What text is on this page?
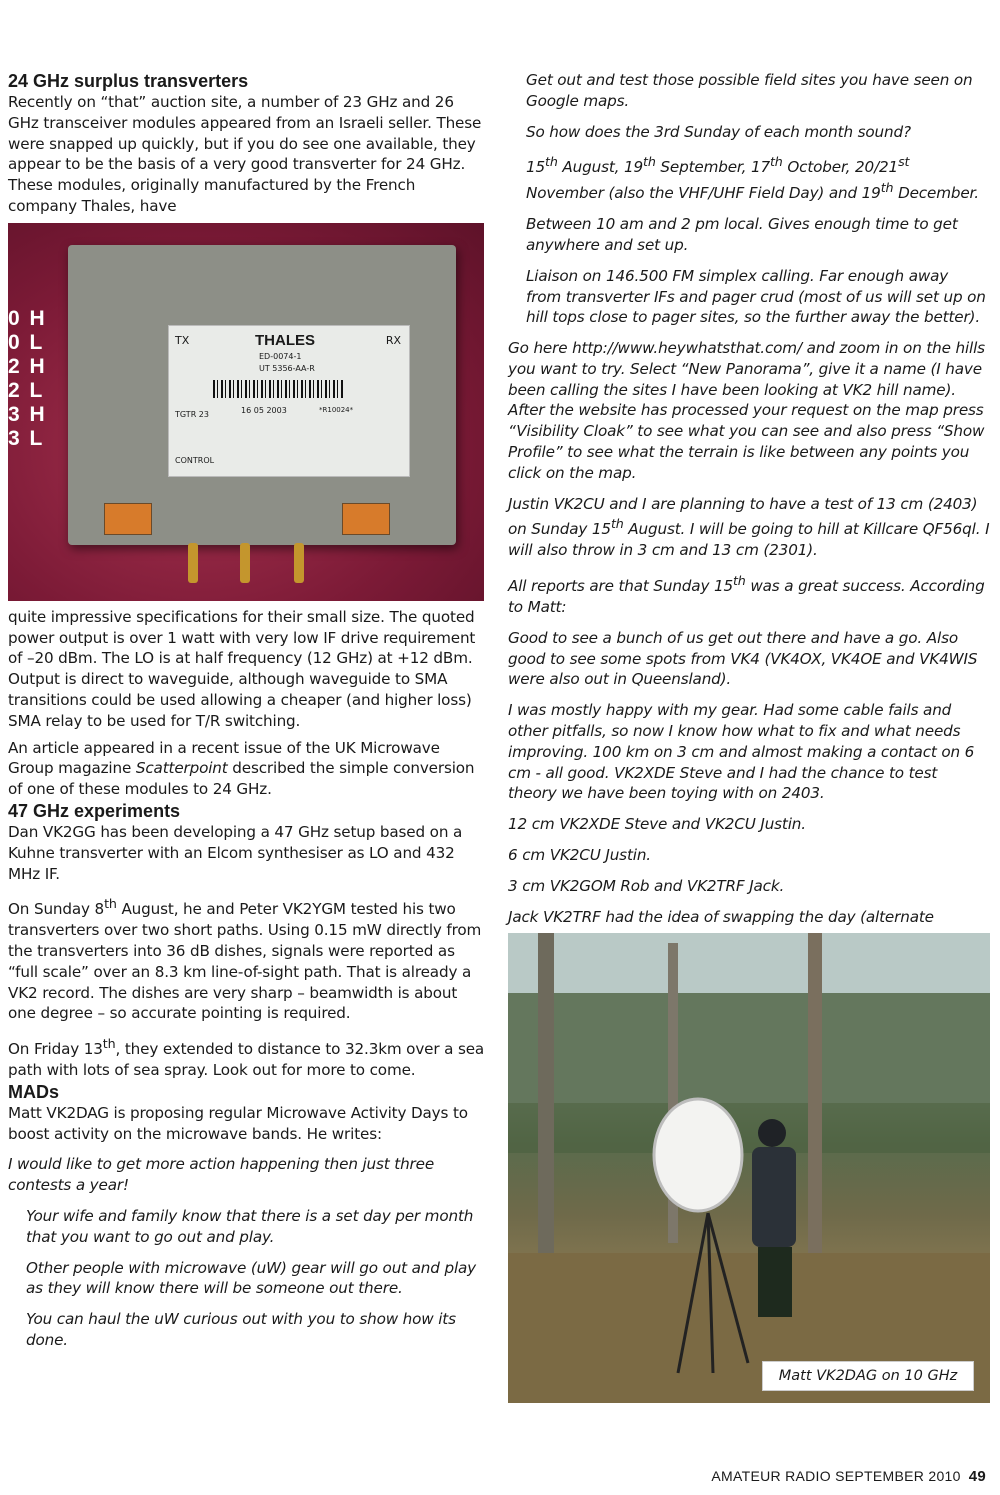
24 GHz surplus transverters

Recently on “that” auction site, a number of 23 GHz and 26 GHz transceiver modules appeared from an Israeli seller. These were snapped up quickly, but if you do see one available, they appear to be the basis of a very good transverter for 24 GHz. These modules, originally manufactured by the French company Thales, have

TX	THALES	RX
ED-0074-1
UT 5356-AA-R
TGTR 23	16 05 2003	*R10024*
CONTROL
0 H
0 L
2 H
2 L
3 H
3 L

quite impressive specifications for their small size. The quoted power output is over 1 watt with very low IF drive requirement of –20 dBm. The LO is at half frequency (12 GHz) at +12 dBm. Output is direct to waveguide, although waveguide to SMA transitions could be used allowing a cheaper (and higher loss) SMA relay to be used for T/R switching.

An article appeared in a recent issue of the UK Microwave Group magazine Scatterpoint described the simple conversion of one of these modules to 24 GHz.

47 GHz experiments

Dan VK2GG has been developing a 47 GHz setup based on a Kuhne transverter with an Elcom synthesiser as LO and 432 MHz IF.

On Sunday 8th August, he and Peter VK2YGM tested his two transverters over two short paths. Using 0.15 mW directly from the transverters into 36 dB dishes, signals were reported as “full scale” over an 8.3 km line-of-sight path. That is already a VK2 record. The dishes are very sharp – beamwidth is about one degree – so accurate pointing is required.

On Friday 13th, they extended to distance to 32.3km over a sea path with lots of sea spray. Look out for more to come.

MADs

Matt VK2DAG is proposing regular Microwave Activity Days to boost activity on the microwave bands. He writes:

I would like to get more action happening then just three contests a year!

Your wife and family know that there is a set day per month that you want to go out and play.

Other people with microwave (uW) gear will go out and play as they will know there will be someone out there.

You can haul the uW curious out with you to show how its done.

Get out and test those possible field sites you have seen on Google maps.

So how does the 3rd Sunday of each month sound?

15th August, 19th September, 17th October, 20/21st November (also the VHF/UHF Field Day) and 19th December.

Between 10 am and 2 pm local. Gives enough time to get anywhere and set up.

Liaison on 146.500 FM simplex calling. Far enough away from transverter IFs and pager crud (most of us will set up on hill tops close to pager sites, so the further away the better).

Go here http://www.heywhatsthat.com/ and zoom in on the hills you want to try. Select “New Panorama”, give it a name (I have been calling the sites I have been looking at VK2 hill name). After the website has processed your request on the map press “Visibility Cloak” to see what you can see and also press “Show Profile” to see what the terrain is like between any points you click on the map.

Justin VK2CU and I are planning to have a test of 13 cm (2403) on Sunday 15th August. I will be going to hill at Killcare QF56ql. I will also throw in 3 cm and 13 cm (2301).

All reports are that Sunday 15th was a great success. According to Matt:

Good to see a bunch of us get out there and have a go. Also good to see some spots from VK4 (VK4OX, VK4OE and VK4WIS were also out in Queensland).

I was mostly happy with my gear. Had some cable fails and other pitfalls, so now I know how what to fix and what needs improving. 100 km on 3 cm and almost making a contact on 6 cm - all good. VK2XDE Steve and I had the chance to test theory we have been toying with on 2403.

12 cm VK2XDE Steve and VK2CU Justin.

6 cm VK2CU Justin.

3 cm VK2GOM Rob and VK2TRF Jack.

Jack VK2TRF had the idea of swapping the day (alternate

Matt VK2DAG on 10 GHz
AMATEUR RADIO SEPTEMBER 2010 49
